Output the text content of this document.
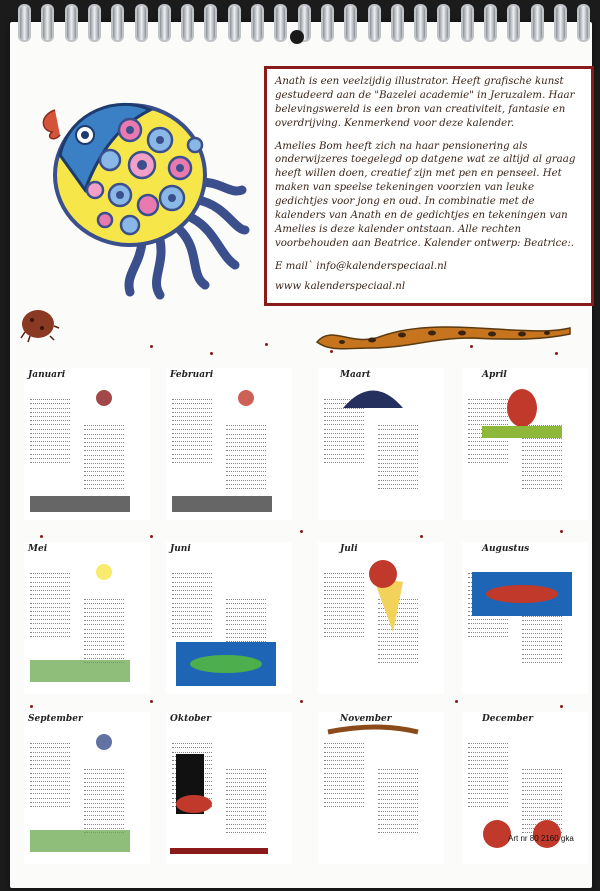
Anath is een veelzijdig illustrator. Heeft grafische kunst gestudeerd aan de "Bazelei academie" in Jeruzalem. Haar belevingswereld is een bron van creativiteit, fantasie en overdrijving. Kenmerkend voor deze kalender.

Amelies Bom heeft zich na haar pensionering als onderwijzeres toegelegd op datgene wat ze altijd al graag heeft willen doen, creatief zijn met pen en penseel. Het maken van speelse tekeningen voorzien van leuke gedichtjes voor jong en oud. In combinatie met de kalenders van Anath en de gedichtjes en tekeningen van Amelies is deze kalender ontstaan. Alle rechten voorbehouden aan Beatrice. Kalender ontwerp: Beatrice:.

E mail` info@kalenderspeciaal.nl

www kalenderspeciaal.nl

Januari	Februari	Maart	April
Mei	Juni	Juli	Augustus
September	Oktober	November	December
Art nr 80 2160 gka
